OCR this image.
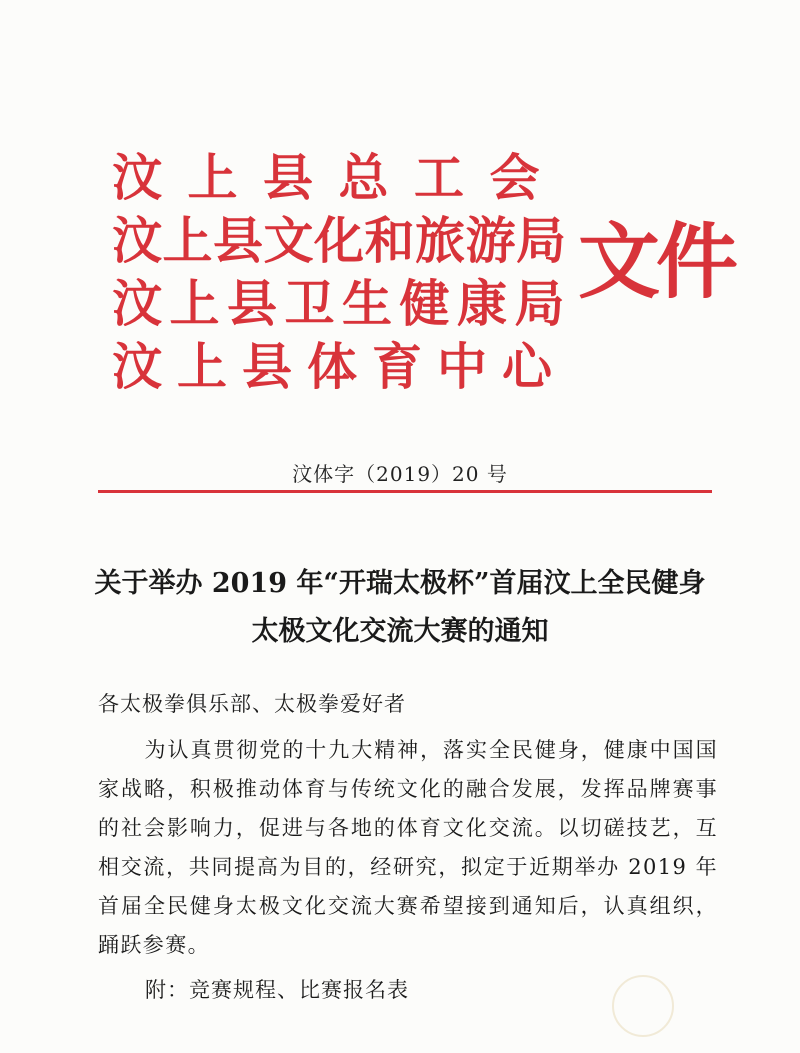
汶 上 县 总 工 会
汶 上 县 文 化 和 旅 游 局
汶 上 县 卫 生 健 康 局
汶 上 县 体 育 中 心
文件
汶体字（2019）20 号
关于举办 2019 年“开瑞太极杯”首届汶上全民健身
太极文化交流大赛的通知
各太极拳俱乐部、太极拳爱好者
为认真贯彻党的十九大精神，落实全民健身，健康中国国家战略，积极推动体育与传统文化的融合发展，发挥品牌赛事的社会影响力，促进与各地的体育文化交流。以切磋技艺，互相交流，共同提高为目的，经研究，拟定于近期举办 2019 年首届全民健身太极文化交流大赛希望接到通知后，认真组织，踊跃参赛。
附：竞赛规程、比赛报名表
